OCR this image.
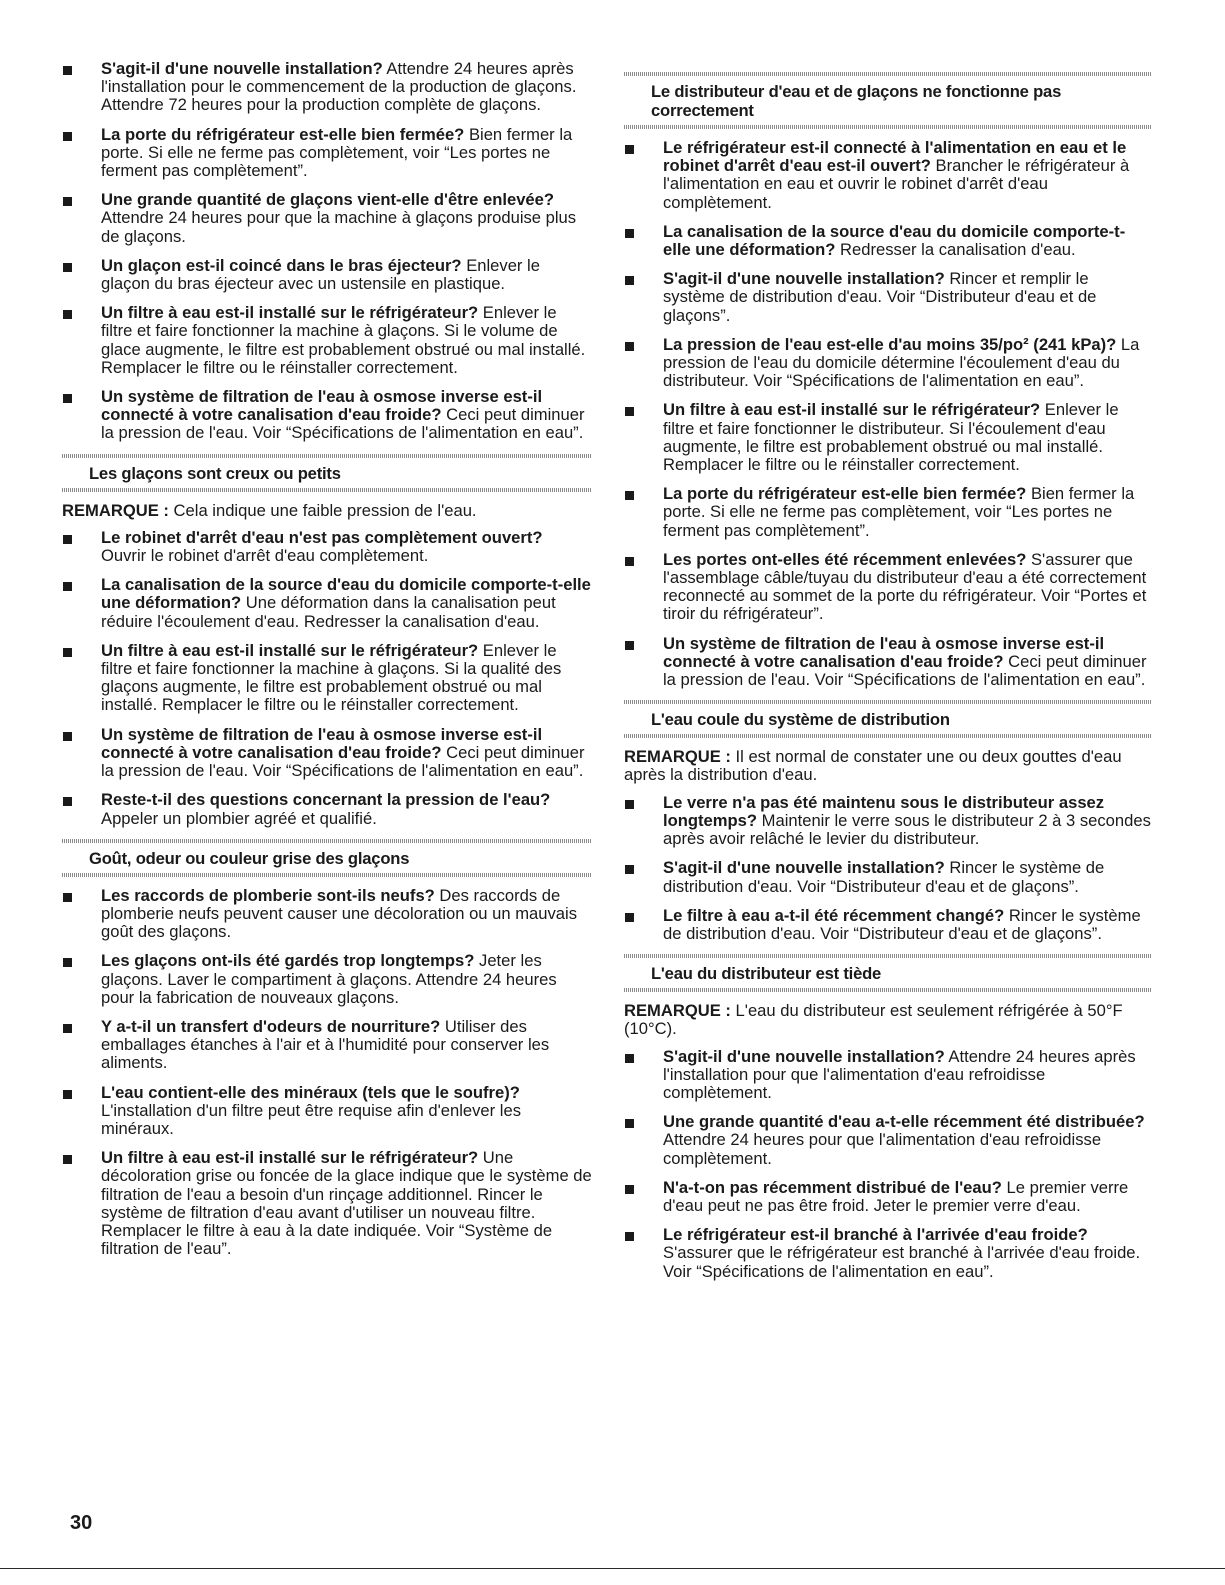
S'agit-il d'une nouvelle installation? Attendre 24 heures après l'installation pour le commencement de la production de glaçons. Attendre 72 heures pour la production complète de glaçons.
La porte du réfrigérateur est-elle bien fermée? Bien fermer la porte. Si elle ne ferme pas complètement, voir “Les portes ne ferment pas complètement”.
Une grande quantité de glaçons vient-elle d'être enlevée? Attendre 24 heures pour que la machine à glaçons produise plus de glaçons.
Un glaçon est-il coincé dans le bras éjecteur? Enlever le glaçon du bras éjecteur avec un ustensile en plastique.
Un filtre à eau est-il installé sur le réfrigérateur? Enlever le filtre et faire fonctionner la machine à glaçons. Si le volume de glace augmente, le filtre est probablement obstrué ou mal installé. Remplacer le filtre ou le réinstaller correctement.
Un système de filtration de l'eau à osmose inverse est-il connecté à votre canalisation d'eau froide? Ceci peut diminuer la pression de l'eau. Voir “Spécifications de l'alimentation en eau”.
Les glaçons sont creux ou petits
REMARQUE : Cela indique une faible pression de l'eau.
Le robinet d'arrêt d'eau n'est pas complètement ouvert? Ouvrir le robinet d'arrêt d'eau complètement.
La canalisation de la source d'eau du domicile comporte-t-elle une déformation? Une déformation dans la canalisation peut réduire l'écoulement d'eau. Redresser la canalisation d'eau.
Un filtre à eau est-il installé sur le réfrigérateur? Enlever le filtre et faire fonctionner la machine à glaçons. Si la qualité des glaçons augmente, le filtre est probablement obstrué ou mal installé. Remplacer le filtre ou le réinstaller correctement.
Un système de filtration de l'eau à osmose inverse est-il connecté à votre canalisation d'eau froide? Ceci peut diminuer la pression de l'eau. Voir “Spécifications de l'alimentation en eau”.
Reste-t-il des questions concernant la pression de l'eau? Appeler un plombier agréé et qualifié.
Goût, odeur ou couleur grise des glaçons
Les raccords de plomberie sont-ils neufs? Des raccords de plomberie neufs peuvent causer une décoloration ou un mauvais goût des glaçons.
Les glaçons ont-ils été gardés trop longtemps? Jeter les glaçons. Laver le compartiment à glaçons. Attendre 24 heures pour la fabrication de nouveaux glaçons.
Y a-t-il un transfert d'odeurs de nourriture? Utiliser des emballages étanches à l'air et à l'humidité pour conserver les aliments.
L'eau contient-elle des minéraux (tels que le soufre)? L'installation d'un filtre peut être requise afin d'enlever les minéraux.
Un filtre à eau est-il installé sur le réfrigérateur? Une décoloration grise ou foncée de la glace indique que le système de filtration de l'eau a besoin d'un rinçage additionnel. Rincer le système de filtration d'eau avant d'utiliser un nouveau filtre. Remplacer le filtre à eau à la date indiquée. Voir “Système de filtration de l'eau”.
Le distributeur d'eau et de glaçons ne fonctionne pas correctement
Le réfrigérateur est-il connecté à l'alimentation en eau et le robinet d'arrêt d'eau est-il ouvert? Brancher le réfrigérateur à l'alimentation en eau et ouvrir le robinet d'arrêt d'eau complètement.
La canalisation de la source d'eau du domicile comporte-t-elle une déformation? Redresser la canalisation d'eau.
S'agit-il d'une nouvelle installation? Rincer et remplir le système de distribution d'eau. Voir “Distributeur d'eau et de glaçons”.
La pression de l'eau est-elle d'au moins 35/po² (241 kPa)? La pression de l'eau du domicile détermine l'écoulement d'eau du distributeur. Voir “Spécifications de l'alimentation en eau”.
Un filtre à eau est-il installé sur le réfrigérateur? Enlever le filtre et faire fonctionner le distributeur. Si l'écoulement d'eau augmente, le filtre est probablement obstrué ou mal installé. Remplacer le filtre ou le réinstaller correctement.
La porte du réfrigérateur est-elle bien fermée? Bien fermer la porte. Si elle ne ferme pas complètement, voir “Les portes ne ferment pas complètement”.
Les portes ont-elles été récemment enlevées? S'assurer que l'assemblage câble/tuyau du distributeur d'eau a été correctement reconnecté au sommet de la porte du réfrigérateur. Voir “Portes et tiroir du réfrigérateur”.
Un système de filtration de l'eau à osmose inverse est-il connecté à votre canalisation d'eau froide? Ceci peut diminuer la pression de l'eau. Voir “Spécifications de l'alimentation en eau”.
L'eau coule du système de distribution
REMARQUE : Il est normal de constater une ou deux gouttes d'eau après la distribution d'eau.
Le verre n'a pas été maintenu sous le distributeur assez longtemps? Maintenir le verre sous le distributeur 2 à 3 secondes après avoir relâché le levier du distributeur.
S'agit-il d'une nouvelle installation? Rincer le système de distribution d'eau. Voir “Distributeur d'eau et de glaçons”.
Le filtre à eau a-t-il été récemment changé? Rincer le système de distribution d'eau. Voir “Distributeur d'eau et de glaçons”.
L'eau du distributeur est tiède
REMARQUE : L'eau du distributeur est seulement réfrigérée à 50°F (10°C).
S'agit-il d'une nouvelle installation? Attendre 24 heures après l'installation pour que l'alimentation d'eau refroidisse complètement.
Une grande quantité d'eau a-t-elle récemment été distribuée? Attendre 24 heures pour que l'alimentation d'eau refroidisse complètement.
N'a-t-on pas récemment distribué de l'eau? Le premier verre d'eau peut ne pas être froid. Jeter le premier verre d'eau.
Le réfrigérateur est-il branché à l'arrivée d'eau froide? S'assurer que le réfrigérateur est branché à l'arrivée d'eau froide. Voir “Spécifications de l'alimentation en eau”.
30
